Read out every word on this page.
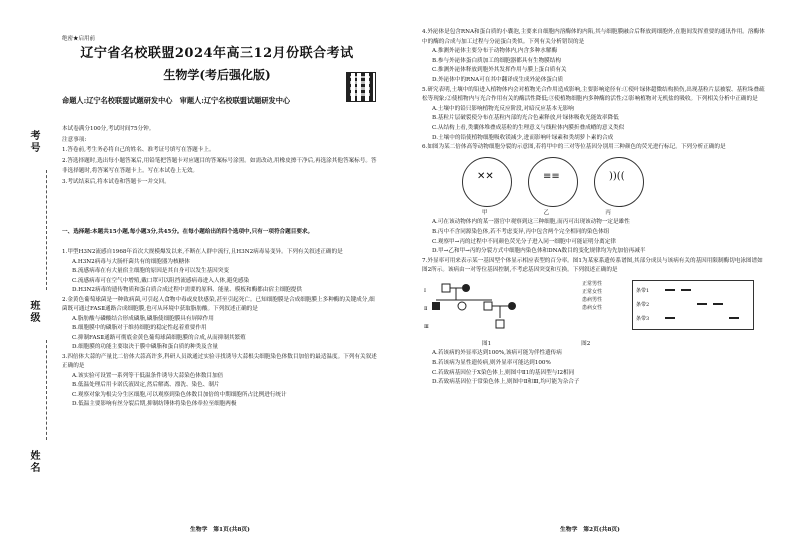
考号
班级
姓名
绝密★启用前
辽宁省名校联盟2024年高三12月份联合考试
生物学(考后强化版)
命题人:辽宁名校联盟试题研发中心　审题人:辽宁名校联盟试题研发中心

本试卷满分100分,考试时间75分钟。

注意事项:

1.答卷前,考生务必将自己的姓名、准考证号填写在答题卡上。

2.答选择题时,选出每小题答案后,用铅笔把答题卡对应题目的答案标号涂黑。如需改动,用橡皮擦干净后,再选涂其他答案标号。答非选择题时,将答案写在答题卡上。写在本试卷上无效。

3.考试结束后,将本试卷和答题卡一并交回。

一、选择题:本题共15小题,每小题3分,共45分。在每小题给出的四个选项中,只有一项符合题目要求。

1.甲型H3N2流感自1968年首次大规模爆发以来,不断在人群中流行,且H3N2病毒易变异。下列有关叙述正确的是

A.H3N2病毒与大肠杆菌共有的细胞器为核糖体

B.流感病毒在有大量宿主细胞的原因是其自身可以发生基因突变

C.流感病毒可在空气中增殖,戴口罩可以阻挡流感病毒进入人体,避免感染

D.H3N2病毒的遗传物质和蛋白质合成过程中需要的原料、能量、模板和酶都由宿主细胞提供

2.金黄色葡萄球菌是一种致病菌,可引起人食物中毒或皮肤感染,甚至引起死亡。已知细胞膜是合成细胞膜上多种酶的关键成分,细菌既可通过FASⅡ通路合成细胞膜,也可从环境中获取脂肪酸。下列叙述正确的是

A.脂肪酸与磷酸结合形成磷脂,磷脂使细胞膜具有屏障作用

B.细胞膜中的磷脂对于维持细胞的稳定性起着重要作用

C.抑制FASⅡ通路可彻底金黄色葡萄球菌细胞膜的合成,从而抑制其繁殖

D.细胞膜的功能主要取决于膜中磷脂和蛋白质的种类及含量

3.四倍体大蒜的产量比二倍体大蒜高许多,科研人员欲通过实验寻找诱导大蒜根尖细胞染色体数目加倍的最适温度。下列有关叙述正确的是

A.该实验可设置一系列等干低温条件诱导大蒜染色体数目加倍

B.低温处理后用卡诺氏液固定,然后解离、漂洗、染色、制片

C.观察对象为根尖分生区细胞,可以观察到染色体数目加倍的中期细胞所占比例进行统计

D.低温主要影响有丝分裂后期,抑制纺锤体将染色体牵拉至细胞两极

4.外泌体是包含RNA和蛋白质的小囊泡,主要来自细胞内溶酶体的内陷,其与细胞膜融合后释放到细胞外,在胞间发挥重要的通讯作用。溶酶体中的酶的合成与加工过程与分泌蛋白类似。下列有关分析错误的是

A.推测外泌体主要分布于动物体内,内含多种水解酶

B.参与外泌体蛋白质加工的细胞器都具有生物膜结构

C.推测外泌体释放到胞外其发挥作用与膜上蛋白质有关

D.外泌体中的RNA可在其中翻译成生成外泌体蛋白质

5.研究表明,土壤中的铅进入植物体内会对植物光合作用造成影响,主要影响途径有:①使叶绿体超微结构损伤,出现基粒片层被裂、基粒垛叠疏松等现象;②使植物内与光合作用有关的酶活性降低;③使植物细胞内多种酶的活性;②影响植物对无机盐的吸收。下列相关分析中正确的是

A.土壤中的铅只影响植物光反应阶段,对暗反应基本无影响

B.基粒片层破裂使分布在基粒内部的光合色素释放,叶绿体吸收光能效率降低

C.从结构上看,类囊体堆叠成基粒的生理意义与线粒体内膜折叠成嵴的意义类似

D.土壤中的铅使植物细胞吸收镁减少,进而影响叶绿素和类胡萝卜素的合成

6.如图为某二倍体高等动物细胞分裂的示意图,若将甲中的三对等位基因分别用三种颜色的荧光进行标记。下列分析正确的是

✕✕	≡≡	))((
甲	乙	丙

A.可在该动物体内的某一器官中观察到这三种细胞,而丙可出现该动物一定是雄性

B.丙中不含同源染色体,若不考虑变异,丙中包含两个完全相同的染色体组

C.观察甲→丙的过程中不同颜色荧光分子进入同一细胞中可能证明分离定律

D.甲→乙和甲→丙的分裂方式中细胞内染色体和DNA数目的变化规律均为先加倍再减半

7.外显率可用来表示某一基因型个体显示相应表型的百分率。图1为某家系遗传系谱图,其部分成员与该病有关的基因用限制酶切电泳图谱如图2所示。该病由一对等位基因控制,不考虑基因突变和互换。下列叙述正确的是

Ⅰ
Ⅱ
Ⅲ
正常男性
正常女性
患病男性
患病女性
条带1
条带2
条带3
图1	图2

A.若该病的外显率达到100%,该病可能为伴性遗传病

B.若该病为显性遗传病,则外显率可能达到100%

C.若致病基因位于X染色体上,则图中Ⅱ1的基因型与Ⅰ2相同

D.若致病基因位于常染色体上,则图中Ⅱ和Ⅲ,均可能为杂合子

生物学　第1页(共8页)	生物学　第2页(共8页)
